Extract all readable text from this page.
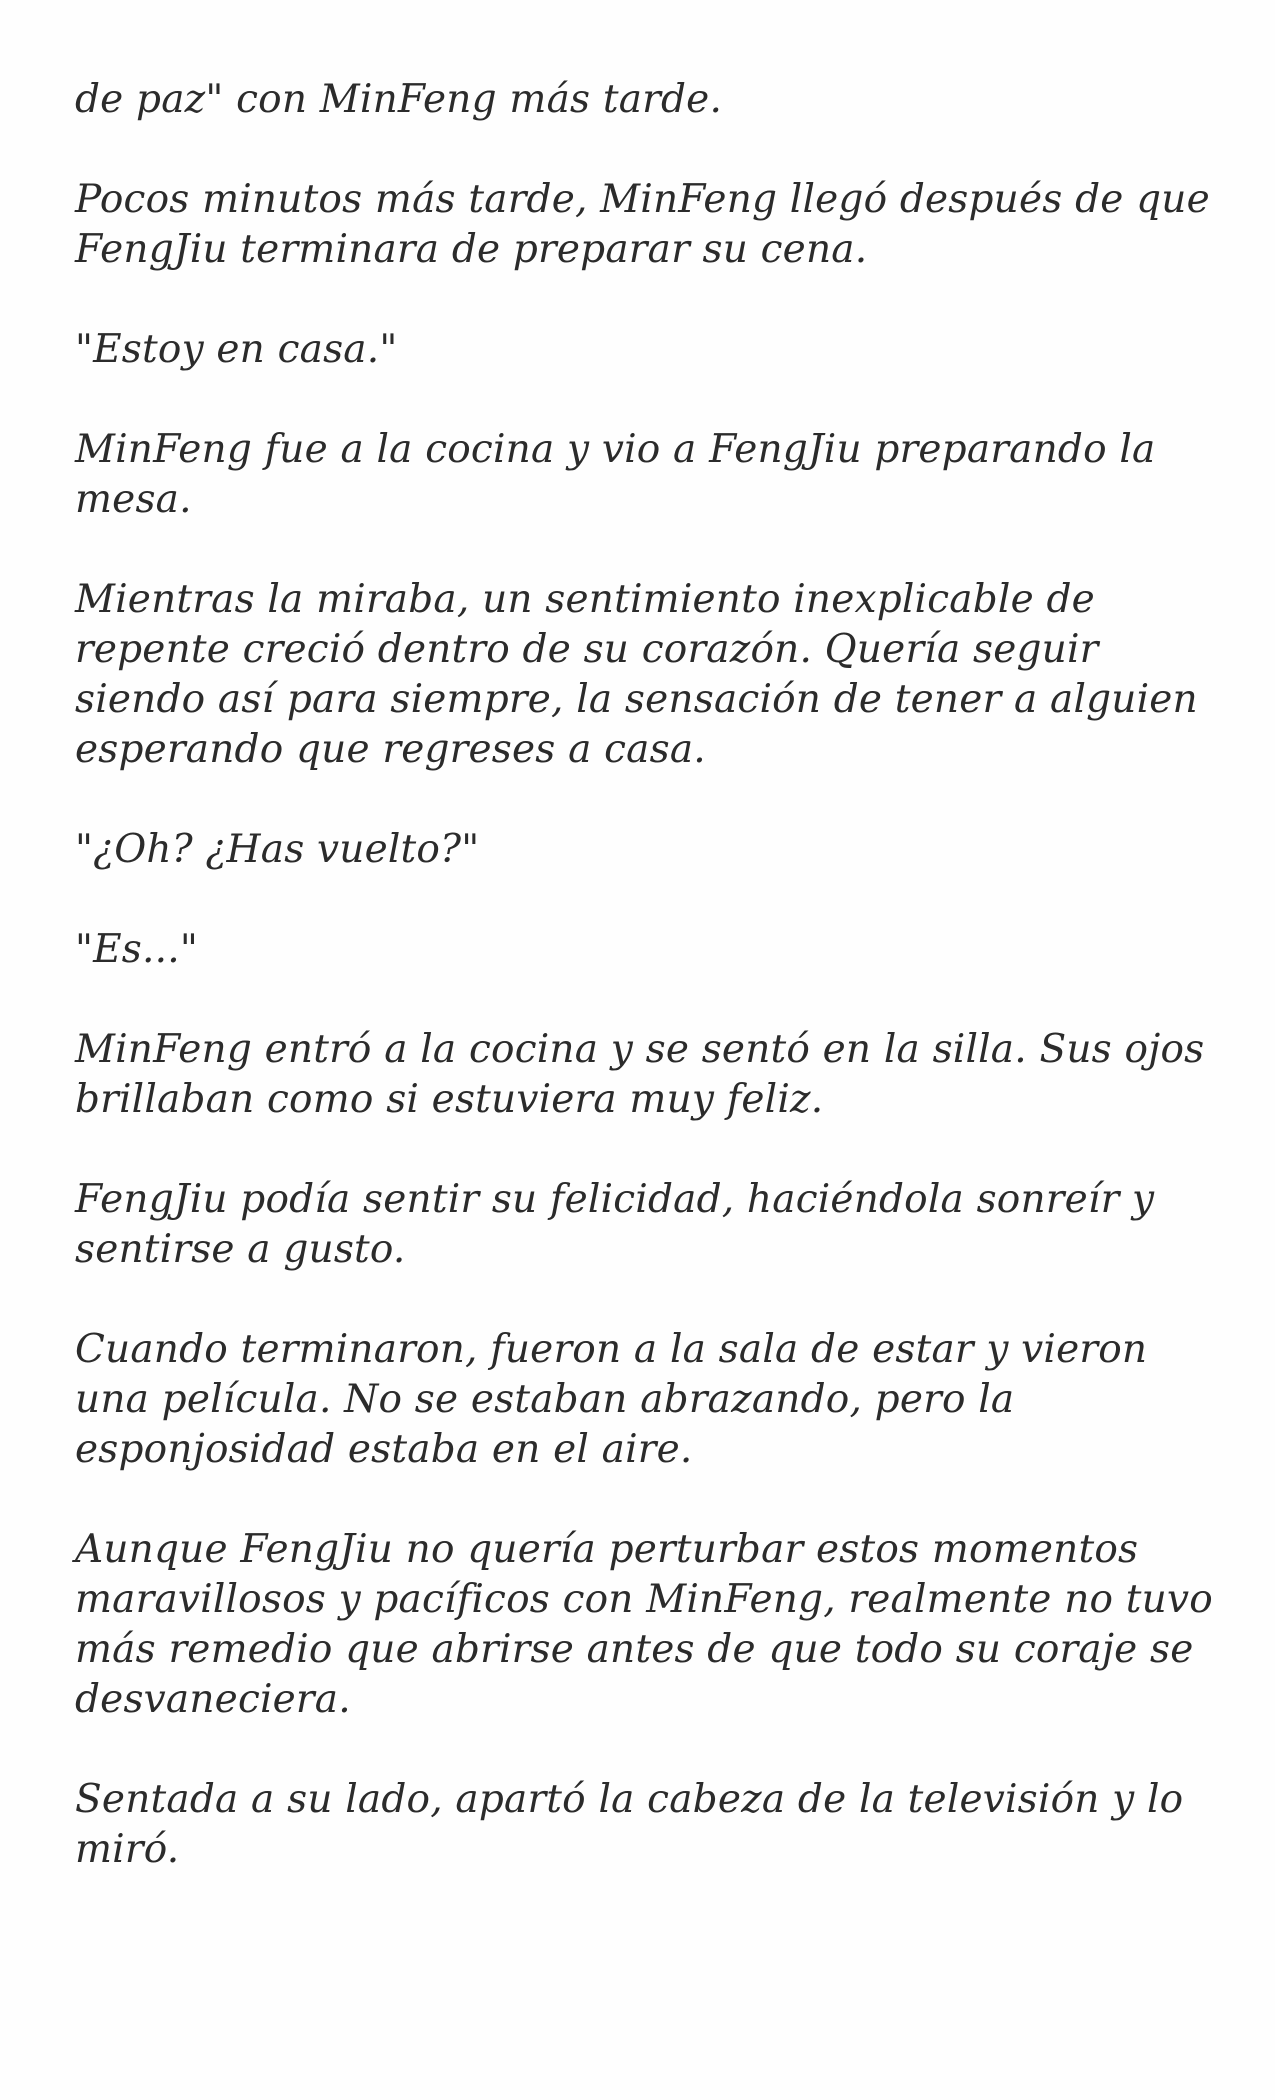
de paz" con MinFeng más tarde.

Pocos minutos más tarde, MinFeng llegó después de que FengJiu terminara de preparar su cena.

"Estoy en casa."

MinFeng fue a la cocina y vio a FengJiu preparando la mesa.

Mientras la miraba, un sentimiento inexplicable de repente creció dentro de su corazón. Quería seguir siendo así para siempre, la sensación de tener a alguien esperando que regreses a casa.

"¿Oh? ¿Has vuelto?"

"Es..."

MinFeng entró a la cocina y se sentó en la silla. Sus ojos brillaban como si estuviera muy feliz.

FengJiu podía sentir su felicidad, haciéndola sonreír y sentirse a gusto.

Cuando terminaron, fueron a la sala de estar y vieron una película. No se estaban abrazando, pero la esponjosidad estaba en el aire.

Aunque FengJiu no quería perturbar estos momentos maravillosos y pacíficos con MinFeng, realmente no tuvo más remedio que abrirse antes de que todo su coraje se desvaneciera.

Sentada a su lado, apartó la cabeza de la televisión y lo miró.
